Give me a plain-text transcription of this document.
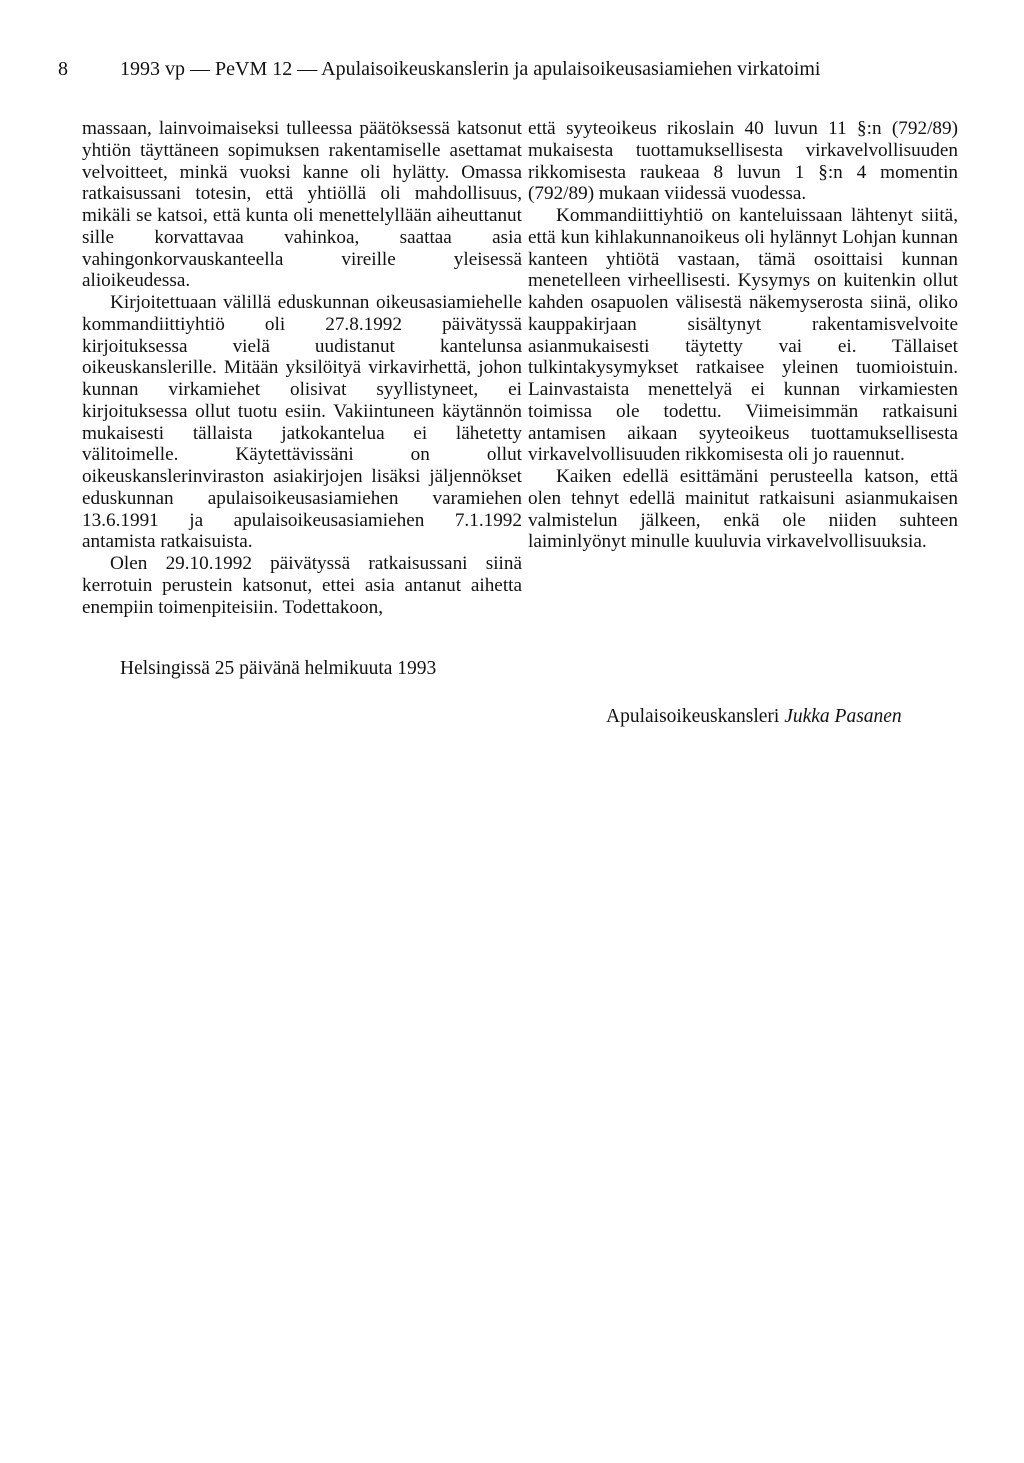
8	1993 vp — PeVM 12 — Apulaisoikeuskanslerin ja apulaisoikeusasiamiehen virkatoimi

massaan, lainvoimaiseksi tulleessa päätöksessä katsonut yhtiön täyttäneen sopimuksen rakentamiselle asettamat velvoitteet, minkä vuoksi kanne oli hylätty. Omassa ratkaisussani totesin, että yhtiöllä oli mahdollisuus, mikäli se katsoi, että kunta oli menettelyllään aiheuttanut sille korvattavaa vahinkoa, saattaa asia vahingonkorvauskanteella vireille yleisessä alioikeudessa.

Kirjoitettuaan välillä eduskunnan oikeusasiamiehelle kommandiittiyhtiö oli 27.8.1992 päivätyssä kirjoituksessa vielä uudistanut kantelunsa oikeuskanslerille. Mitään yksilöityä virkavirhettä, johon kunnan virkamiehet olisivat syyllistyneet, ei kirjoituksessa ollut tuotu esiin. Vakiintuneen käytännön mukaisesti tällaista jatkokantelua ei lähetetty välitoimelle. Käytettävissäni on ollut oikeuskanslerinviraston asiakirjojen lisäksi jäljennökset eduskunnan apulaisoikeusasiamiehen varamiehen 13.6.1991 ja apulaisoikeusasiamiehen 7.1.1992 antamista ratkaisuista.

Olen 29.10.1992 päivätyssä ratkaisussani siinä kerrotuin perustein katsonut, ettei asia antanut aihetta enempiin toimenpiteisiin. Todettakoon,

että syyteoikeus rikoslain 40 luvun 11 §:n (792/89) mukaisesta tuottamuksellisesta virkavelvollisuuden rikkomisesta raukeaa 8 luvun 1 §:n 4 momentin (792/89) mukaan viidessä vuodessa.

Kommandiittiyhtiö on kanteluissaan lähtenyt siitä, että kun kihlakunnanoikeus oli hylännyt Lohjan kunnan kanteen yhtiötä vastaan, tämä osoittaisi kunnan menetelleen virheellisesti. Kysymys on kuitenkin ollut kahden osapuolen välisestä näkemyserosta siinä, oliko kauppakirjaan sisältynyt rakentamisvelvoite asianmukaisesti täytetty vai ei. Tällaiset tulkintakysymykset ratkaisee yleinen tuomioistuin. Lainvastaista menettelyä ei kunnan virkamiesten toimissa ole todettu. Viimeisimmän ratkaisuni antamisen aikaan syyteoikeus tuottamuksellisesta virkavelvollisuuden rikkomisesta oli jo rauennut.

Kaiken edellä esittämäni perusteella katson, että olen tehnyt edellä mainitut ratkaisuni asianmukaisen valmistelun jälkeen, enkä ole niiden suhteen laiminlyönyt minulle kuuluvia virkavelvollisuuksia.

Helsingissä 25 päivänä helmikuuta 1993
Apulaisoikeuskansleri Jukka Pasanen
